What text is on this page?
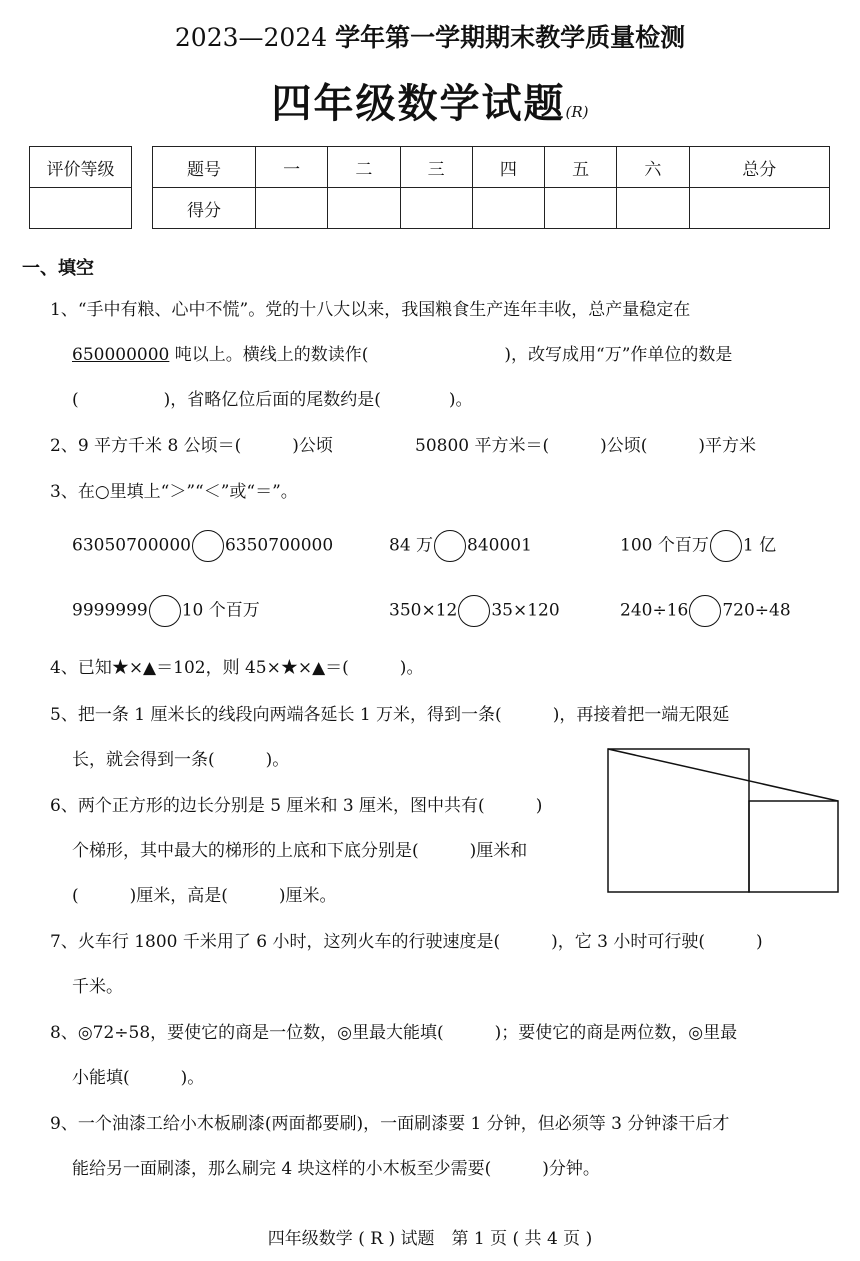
2023—2024 学年第一学期期末教学质量检测
四年级数学试题(R)
评价等级	题号	一	二	三	四	五	六	总分
得分							
一、填空
1、“手中有粮、心中不慌”。党的十八大以来，我国粮食生产连年丰收，总产量稳定在
650000000 吨以上。横线上的数读作(　　　　　　　　)，改写成用“万”作单位的数是
(　　　　　)，省略亿位后面的尾数约是(　　　　)。
2、9 平方千米 8 公顷＝(　　　)公顷	50800 平方米＝(　　　)公顷(　　　)平方米
3、在○里填上“＞”“＜”或“＝”。
63050700000 6350700000	84 万 840001	100 个百万 1 亿
9999999 10 个百万	350×12 35×120	240÷16 720÷48
4、已知★×▲＝102，则 45×★×▲＝(　　　)。
5、把一条 1 厘米长的线段向两端各延长 1 万米，得到一条(　　　)，再接着把一端无限延
长，就会得到一条(　　　)。
6、两个正方形的边长分别是 5 厘米和 3 厘米，图中共有(　　　)
个梯形，其中最大的梯形的上底和下底分别是(　　　)厘米和
(　　　)厘米，高是(　　　)厘米。
7、火车行 1800 千米用了 6 小时，这列火车的行驶速度是(　　　)，它 3 小时可行驶(　　　)
千米。
8、◎72÷58，要使它的商是一位数，◎里最大能填(　　　)；要使它的商是两位数，◎里最
小能填(　　　)。
9、一个油漆工给小木板刷漆(两面都要刷)，一面刷漆要 1 分钟，但必须等 3 分钟漆干后才
能给另一面刷漆，那么刷完 4 块这样的小木板至少需要(　　　)分钟。
四年级数学 ( R ) 试题　第 1 页 ( 共 4 页 )
